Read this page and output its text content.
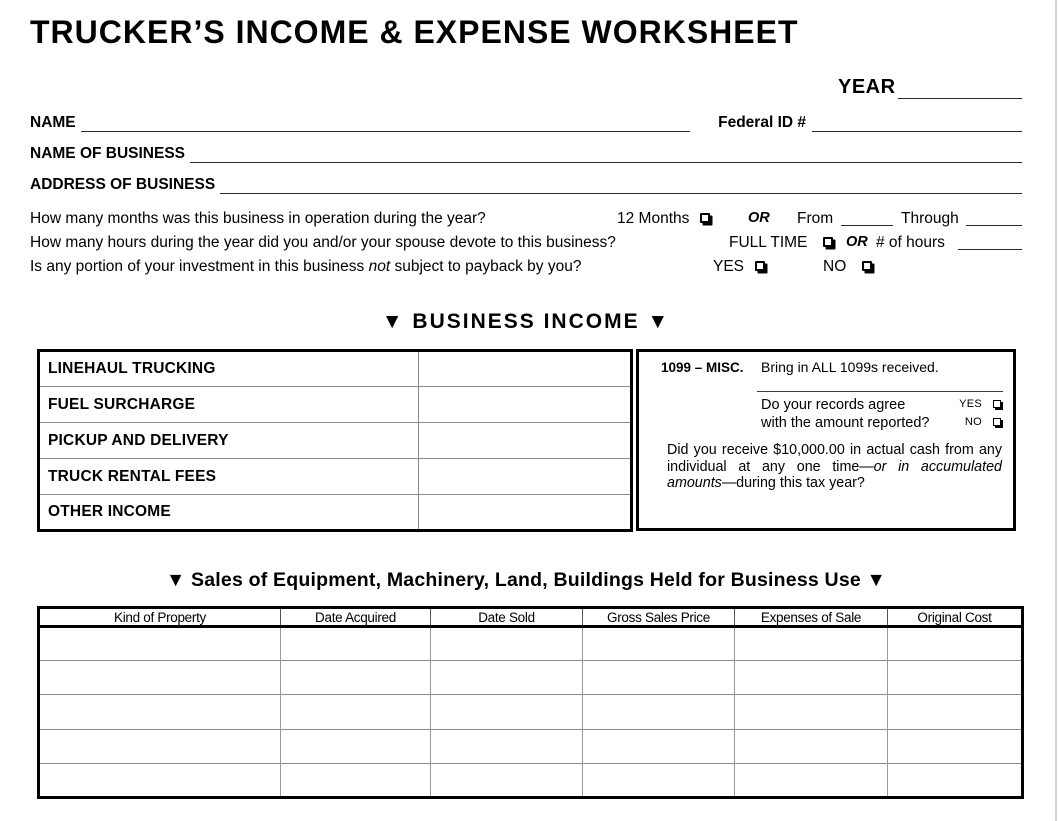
TRUCKER’S INCOME & EXPENSE WORKSHEET
YEAR
NAME	Federal ID #
NAME OF BUSINESS
ADDRESS OF BUSINESS
How many months was this business in operation during the year?	12 Months	OR From	Through
How many hours during the year did you and/or your spouse devote to this business?	FULL TIME	OR # of hours
Is any portion of your investment in this business not subject to payback by you?	YES	NO
▼ BUSINESS INCOME ▼
LINEHAUL TRUCKING	
FUEL SURCHARGE	
PICKUP AND DELIVERY	
TRUCK RENTAL FEES	
OTHER INCOME	
1099 – MISC. Bring in ALL 1099s received.
Do your records agree
with the amount reported?
YES
NO
Did you receive $10,000.00 in actual cash from any individual at any one time—or in accumulated amounts—during this tax year?
▼ Sales of Equipment, Machinery, Land, Buildings Held for Business Use ▼
Kind of Property	Date Acquired	Date Sold	Gross Sales Price	Expenses of Sale	Original Cost
